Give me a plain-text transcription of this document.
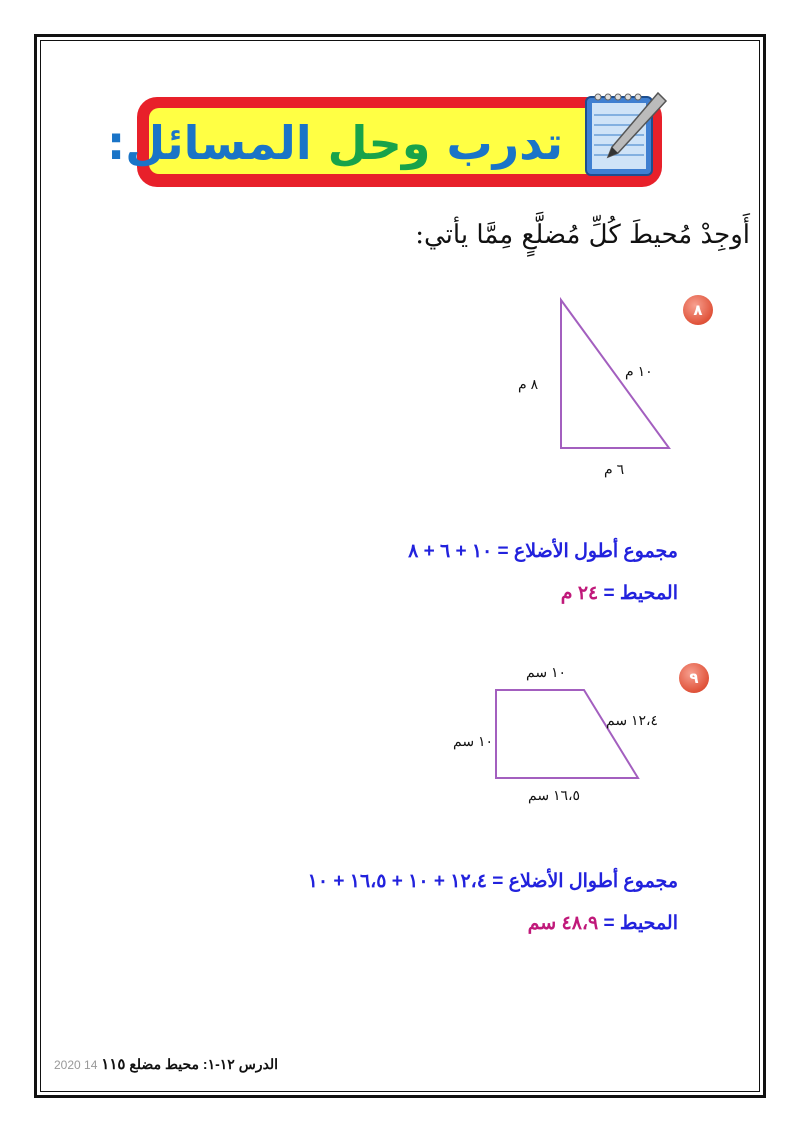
تدرب وحل المسائل:
أَوجِدْ مُحيطَ كُلِّ مُضلَّعٍ مِمَّا يأتي:
٨
٨ م
١٠ م
٦ م
مجموع أطول الأضلاع = ١٠ + ٦ + ٨
المحيط = ٢٤ م
٩
١٠ سم
١٠ سم
١٢،٤ سم
١٦،٥ سم
مجموع أطوال الأضلاع = ١٢،٤ + ١٠ + ١٦،٥ + ١٠
المحيط = ٤٨،٩ سم
2020 14 ١١٥ محيط مضلع الدرس ١٢-١:
